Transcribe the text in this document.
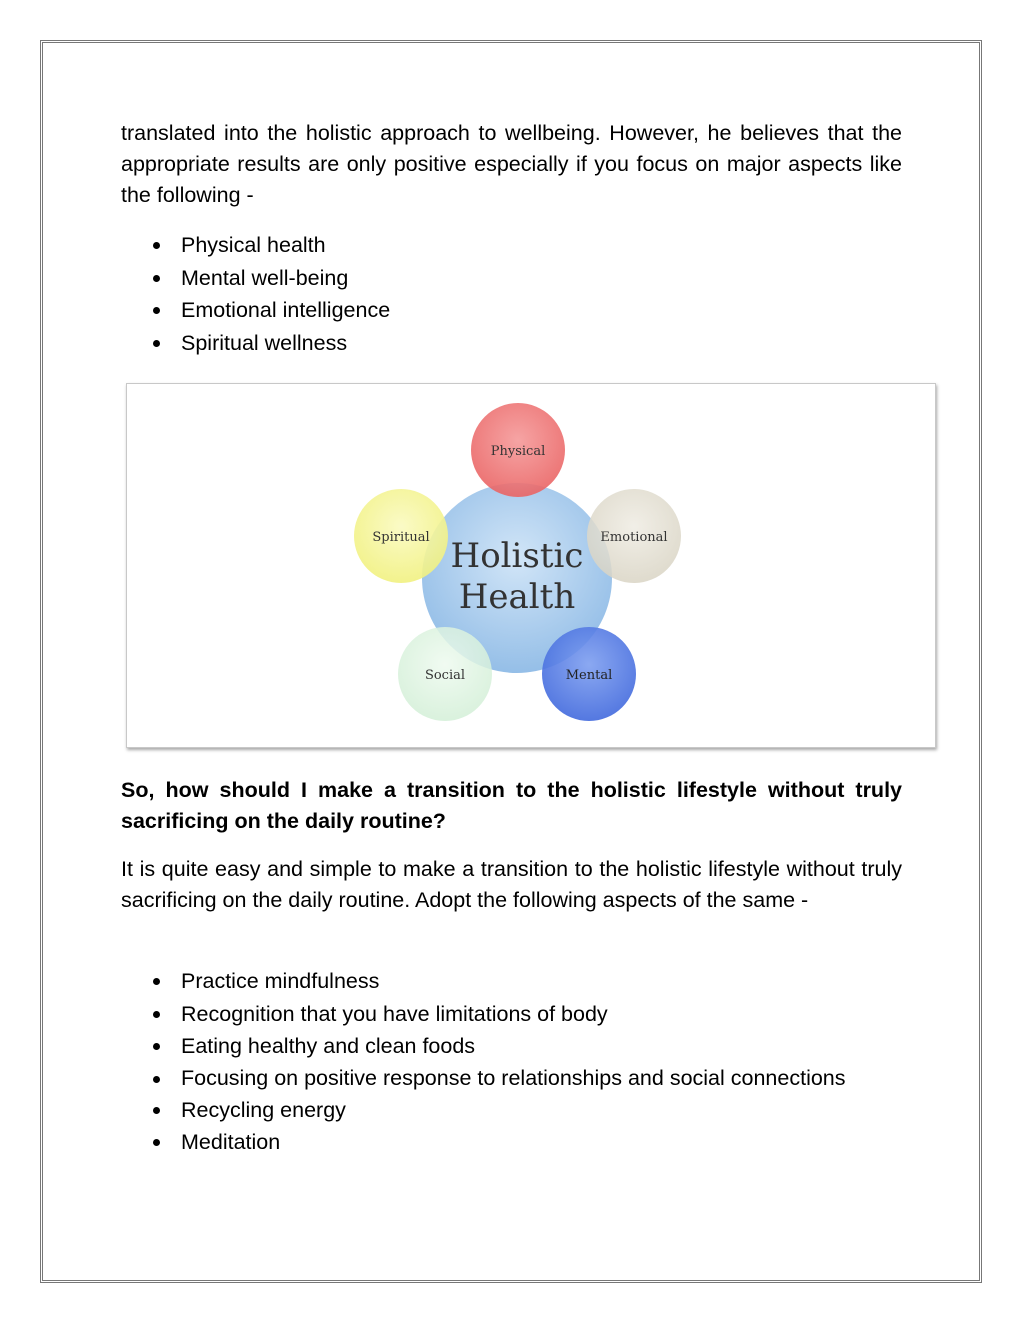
translated into the holistic approach to wellbeing. However, he believes that the appropriate results are only positive especially if you focus on major aspects like the following -

Physical health
Mental well-being
Emotional intelligence
Spiritual wellness
Holistic
Health
Physical
Emotional
Mental
Social
Spiritual

So, how should I make a transition to the holistic lifestyle without truly sacrificing on the daily routine?

It is quite easy and simple to make a transition to the holistic lifestyle without truly sacrificing on the daily routine. Adopt the following aspects of the same -

Practice mindfulness
Recognition that you have limitations of body
Eating healthy and clean foods
Focusing on positive response to relationships and social connections
Recycling energy
Meditation
